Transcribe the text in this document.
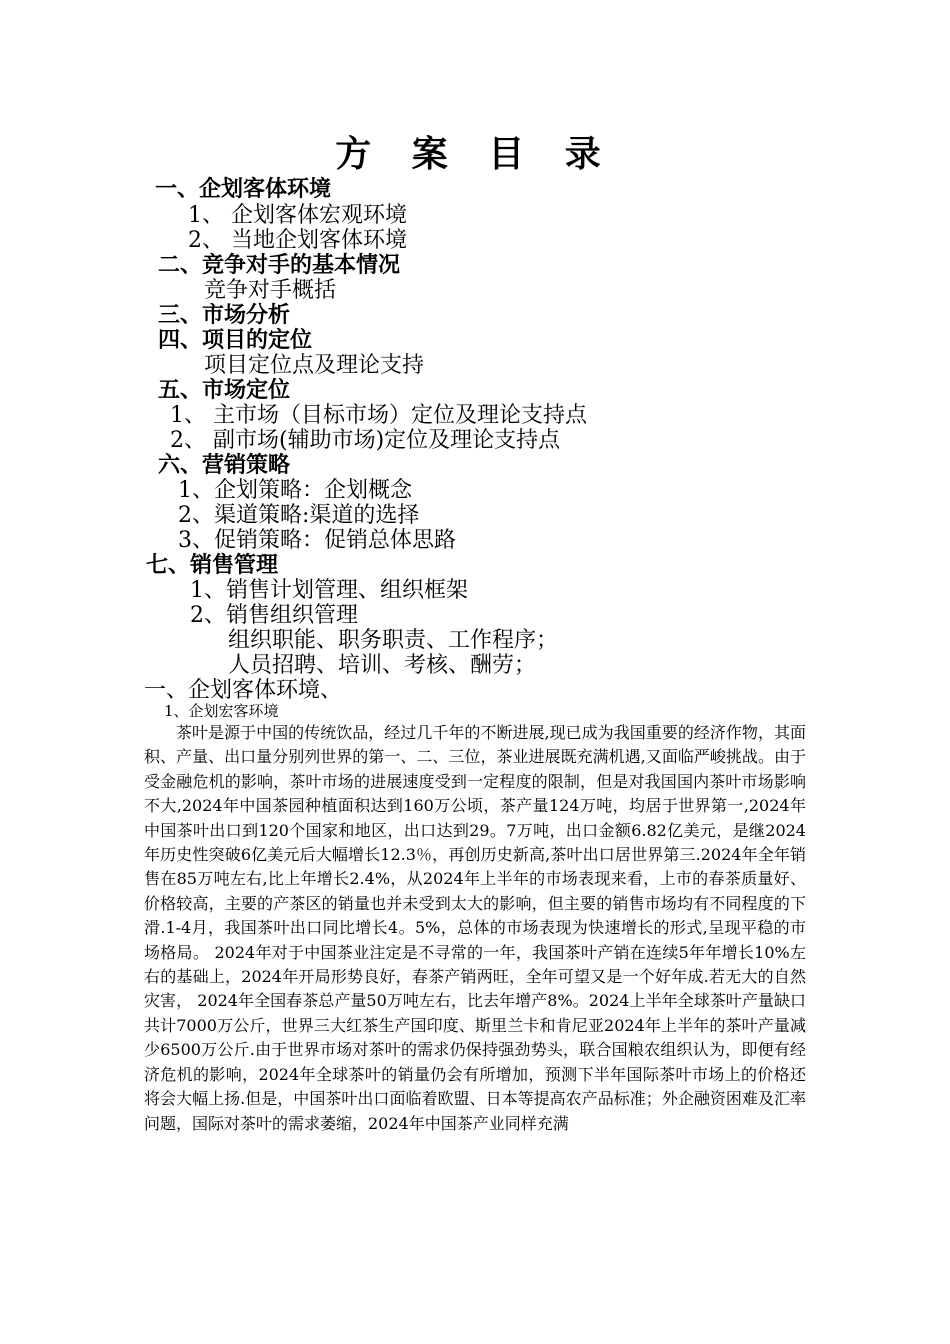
方 案 目 录
一、企划客体环境
1、 企划客体宏观环境
2、 当地企划客体环境
二、竞争对手的基本情况
竞争对手概括
三、市场分析
四、项目的定位
项目定位点及理论支持
五、市场定位
1、 主市场（目标市场）定位及理论支持点
2、 副市场(辅助市场)定位及理论支持点
六、营销策略
1、企划策略：企划概念
2、渠道策略:渠道的选择
3、促销策略：促销总体思路
七、销售管理
1、销售计划管理、组织框架
2、销售组织管理
组织职能、职务职责、工作程序；
人员招聘、培训、考核、酬劳；
一、企划客体环境、
1、企划宏客环境

茶叶是源于中国的传统饮品，经过几千年的不断进展,现已成为我国重要的经济作物，其面积、产量、出口量分别列世界的第一、二、三位，茶业进展既充满机遇,又面临严峻挑战。由于受金融危机的影响，茶叶市场的进展速度受到一定程度的限制，但是对我国国内茶叶市场影响不大,2024年中国茶园种植面积达到160万公顷，茶产量124万吨，均居于世界第一,2024年中国茶叶出口到120个国家和地区，出口达到29。7万吨，出口金额6.82亿美元，是继2024年历史性突破6亿美元后大幅增长12.3％，再创历史新高,茶叶出口居世界第三.2024年全年销售在85万吨左右,比上年增长2.4%，从2024年上半年的市场表现来看，上市的春茶质量好、价格较高，主要的产茶区的销量也并未受到太大的影响，但主要的销售市场均有不同程度的下滑.1-4月，我国茶叶出口同比增长4。5%，总体的市场表现为快速增长的形式,呈现平稳的市场格局。 2024年对于中国茶业注定是不寻常的一年，我国茶叶产销在连续5年年增长10%左右的基础上，2024年开局形势良好，春茶产销两旺，全年可望又是一个好年成.若无大的自然灾害， 2024年全国春茶总产量50万吨左右，比去年增产8%。2024上半年全球茶叶产量缺口共计7000万公斤，世界三大红茶生产国印度、斯里兰卡和肯尼亚2024年上半年的茶叶产量减少6500万公斤.由于世界市场对茶叶的需求仍保持强劲势头，联合国粮农组织认为，即便有经济危机的影响，2024年全球茶叶的销量仍会有所增加，预测下半年国际茶叶市场上的价格还将会大幅上扬.但是，中国茶叶出口面临着欧盟、日本等提高农产品标准；外企融资困难及汇率问题，国际对茶叶的需求萎缩，2024年中国茶产业同样充满
